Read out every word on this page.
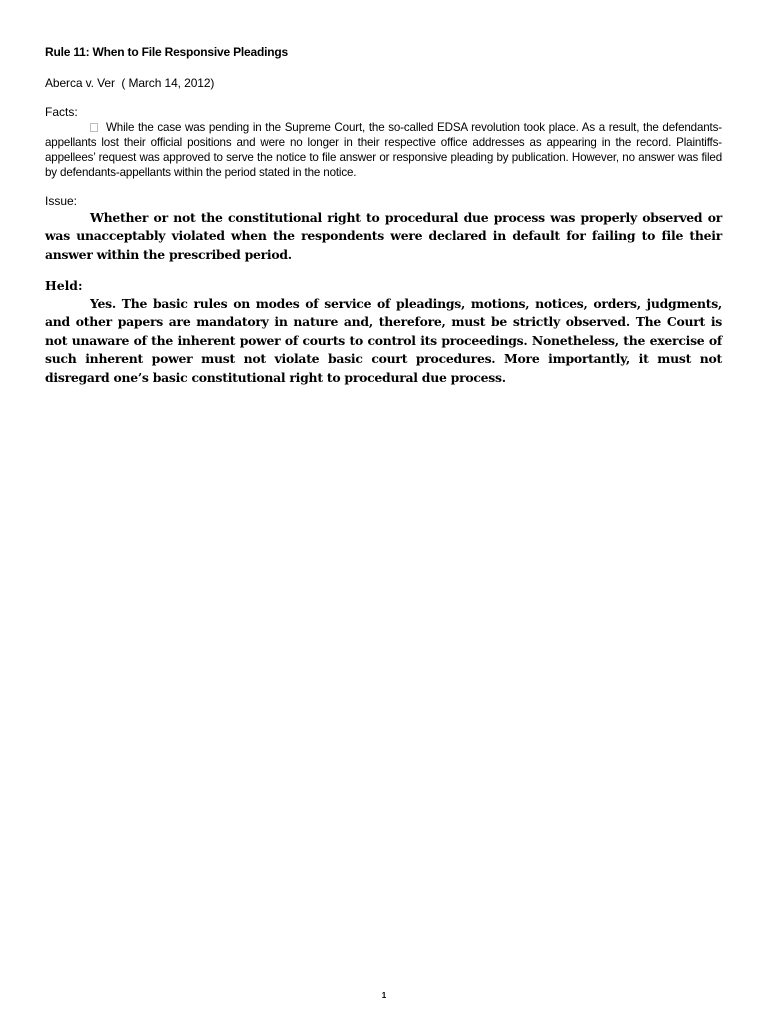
Rule 11: When to File Responsive Pleadings

Aberca v. Ver  ( March 14, 2012)
Facts:

While the case was pending in the Supreme Court, the so-called EDSA revolution took place. As a result, the defendants-appellants lost their official positions and were no longer in their respective office addresses as appearing in the record. Plaintiffs-appellees’ request was approved to serve the notice to file answer or responsive pleading by publication. However, no answer was filed by defendants-appellants within the period stated in the notice.

Issue:

Whether or not the constitutional right to procedural due process was properly observed or was unacceptably violated when the respondents were declared in default for failing to file their answer within the prescribed period.

Held:

Yes. The basic rules on modes of service of pleadings, motions, notices, orders, judgments, and other papers are mandatory in nature and, therefore, must be strictly observed. The Court is not unaware of the inherent power of courts to control its proceedings. Nonetheless, the exercise of such inherent power must not violate basic court procedures. More importantly, it must not disregard one’s basic constitutional right to procedural due process.

1
